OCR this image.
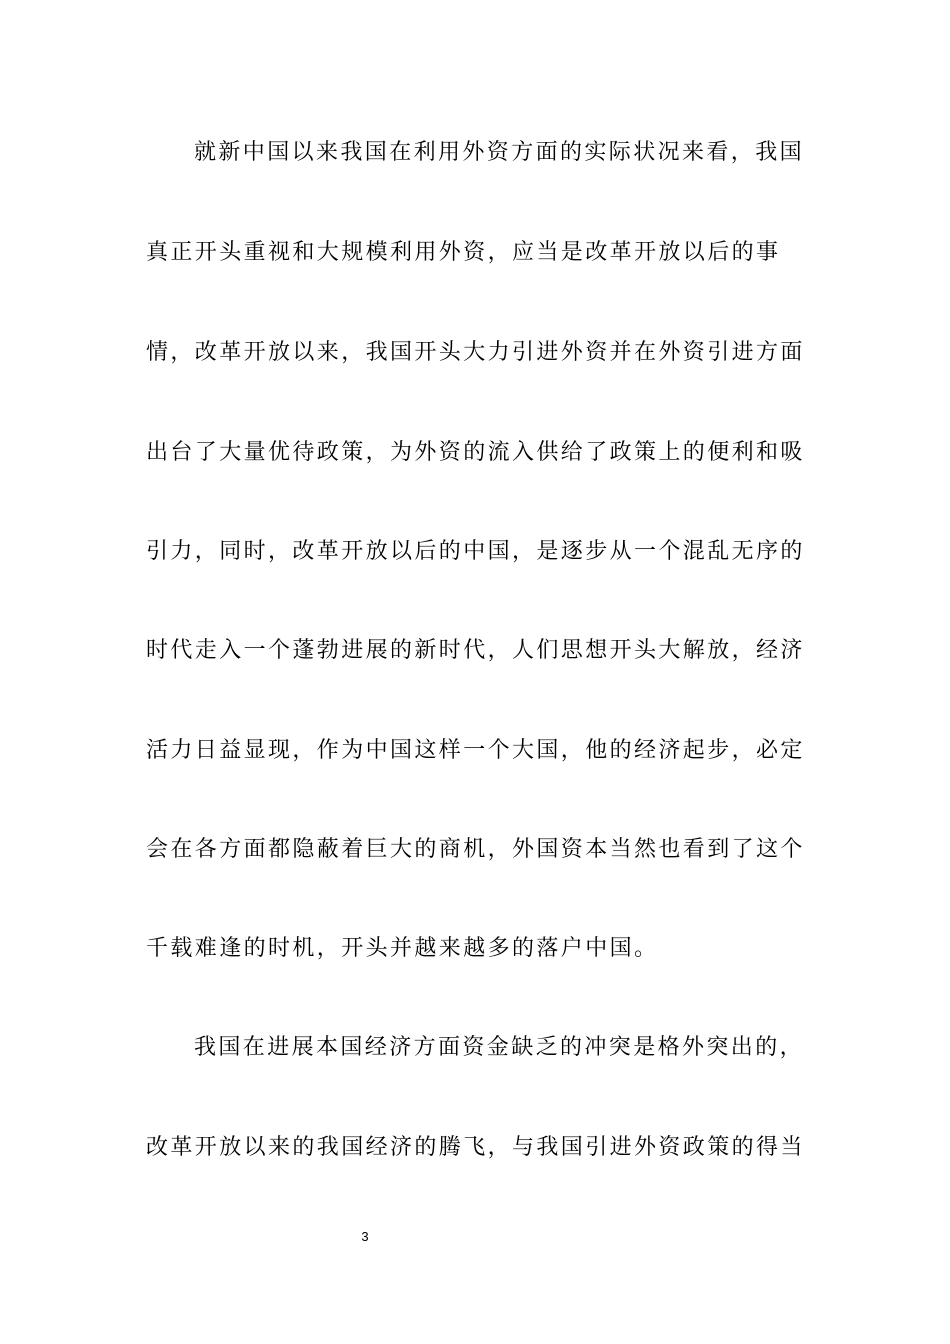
就新中国以来我国在利用外资方面的实际状况来看，我国
真正开头重视和大规模利用外资，应当是改革开放以后的事
情，改革开放以来，我国开头大力引进外资并在外资引进方面
出台了大量优待政策，为外资的流入供给了政策上的便利和吸
引力，同时，改革开放以后的中国，是逐步从一个混乱无序的
时代走入一个蓬勃进展的新时代，人们思想开头大解放，经济
活力日益显现，作为中国这样一个大国，他的经济起步，必定
会在各方面都隐蔽着巨大的商机，外国资本当然也看到了这个
千载难逢的时机，开头并越来越多的落户中国。
我国在进展本国经济方面资金缺乏的冲突是格外突出的，
改革开放以来的我国经济的腾飞，与我国引进外资政策的得当
3
